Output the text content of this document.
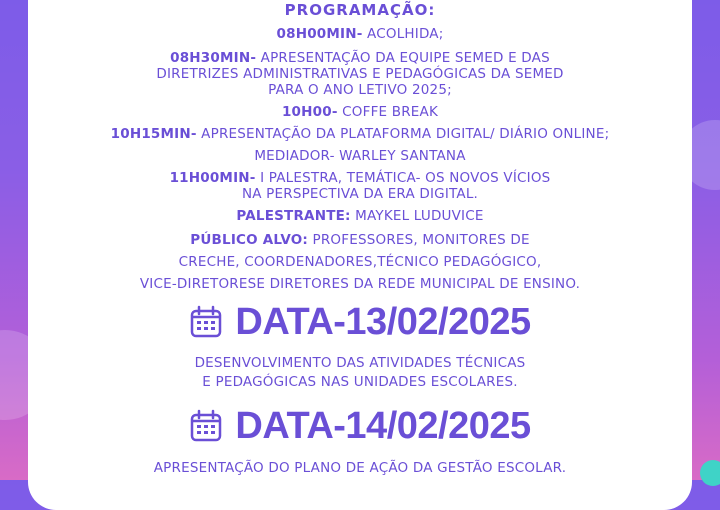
PROGRAMAÇÃO:

08H00MIN- ACOLHIDA;

08H30MIN- APRESENTAÇÃO DA EQUIPE SEMED E DAS

DIRETRIZES ADMINISTRATIVAS E PEDAGÓGICAS DA SEMED

PARA O ANO LETIVO 2025;

10H00- COFFE BREAK

10H15MIN- APRESENTAÇÃO DA PLATAFORMA DIGITAL/ DIÁRIO ONLINE;

MEDIADOR- WARLEY SANTANA

11H00MIN- I PALESTRA, TEMÁTICA- OS NOVOS VÍCIOS

NA PERSPECTIVA DA ERA DIGITAL.

PALESTRANTE: MAYKEL LUDUVICE

PÚBLICO ALVO: PROFESSORES, MONITORES DE

CRECHE, COORDENADORES,TÉCNICO PEDAGÓGICO,

VICE-DIRETORESE DIRETORES DA REDE MUNICIPAL DE ENSINO.

DATA-13/02/2025

DESENVOLVIMENTO DAS ATIVIDADES TÉCNICAS

E PEDAGÓGICAS NAS UNIDADES ESCOLARES.

DATA-14/02/2025

APRESENTAÇÃO DO PLANO DE AÇÃO DA GESTÃO ESCOLAR.
